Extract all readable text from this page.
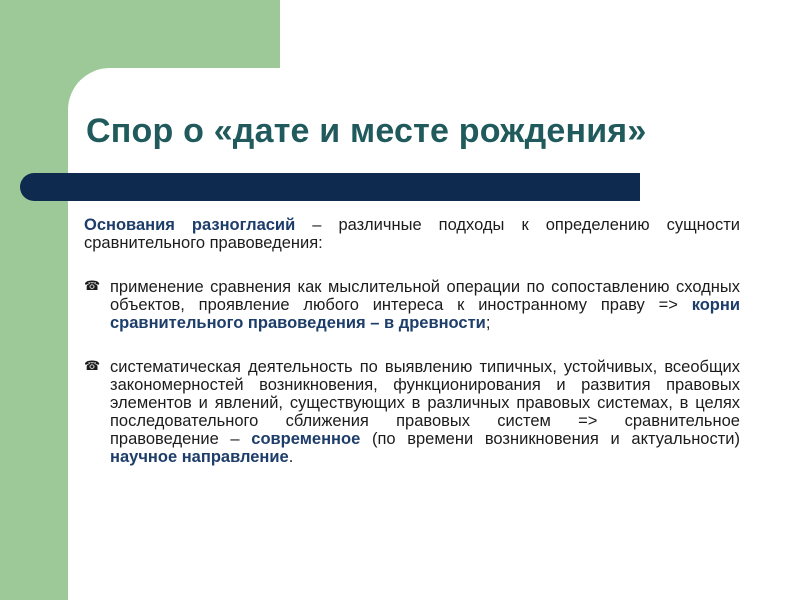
Спор о «дате и месте рождения»

Основания разногласий – различные подходы к определению сущности сравнительного правоведения:

☎ применение сравнения как мыслительной операции по сопоставлению сходных объектов, проявление любого интереса к иностранному праву => корни сравнительного правоведения – в древности;

☎ систематическая деятельность по выявлению типичных, устойчивых, всеобщих закономерностей возникновения, функционирования и развития правовых элементов и явлений, существующих в различных правовых системах, в целях последовательного сближения правовых систем => сравнительное правоведение – современное (по времени возникновения и актуальности) научное направление.
